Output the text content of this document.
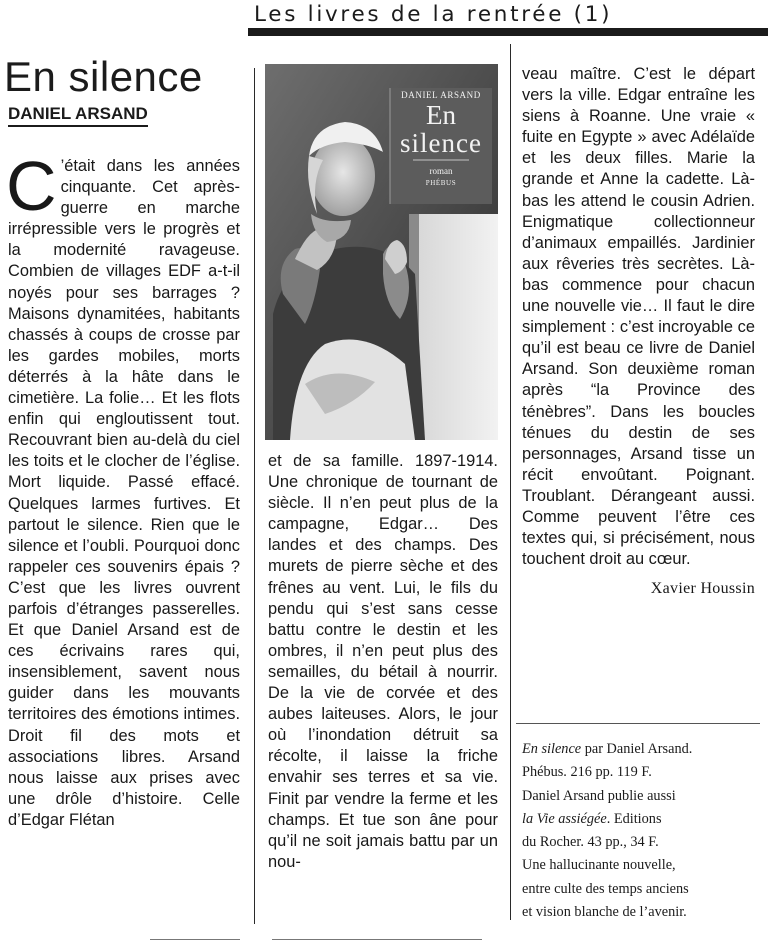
Les livres de la rentrée (1)
En silence
DANIEL ARSAND

C ’était dans les années cinquante. Cet après-guerre en marche irrépressible vers le progrès et la modernité ravageuse. Combien de villages EDF a-t-il noyés pour ses barrages ? Maisons dynamitées, habitants chassés à coups de crosse par les gardes mobiles, morts déterrés à la hâte dans le cimetière. La folie… Et les flots enfin qui engloutissent tout. Recouvrant bien au-delà du ciel les toits et le clocher de l’église. Mort liquide. Passé effacé. Quelques larmes furtives. Et partout le silence. Rien que le silence et l’oubli. Pourquoi donc rappeler ces souvenirs épais ? C’est que les livres ouvrent parfois d’étranges passerelles. Et que Daniel Arsand est de ces écrivains rares qui, insensiblement, savent nous guider dans les mouvants territoires des émotions intimes. Droit fil des mots et associations libres. Arsand nous laisse aux prises avec une drôle d’histoire. Celle d’Edgar Flétan

DANIEL ARSAND
En
silence
roman
PHÉBUS

et de sa famille. 1897-1914. Une chronique de tournant de siècle. Il n’en peut plus de la campagne, Edgar… Des landes et des champs. Des murets de pierre sèche et des frênes au vent. Lui, le fils du pendu qui s’est sans cesse battu contre le destin et les ombres, il n’en peut plus des semailles, du bétail à nourrir. De la vie de corvée et des aubes laiteuses. Alors, le jour où l’inondation détruit sa récolte, il laisse la friche envahir ses terres et sa vie. Finit par vendre la ferme et les champs. Et tue son âne pour qu’il ne soit jamais battu par un nou-

veau maître. C’est le départ vers la ville. Edgar entraîne les siens à Roanne. Une vraie « fuite en Egypte » avec Adélaïde et les deux filles. Marie la grande et Anne la cadette. Là-bas les attend le cousin Adrien. Enigmatique collectionneur d’animaux empaillés. Jardinier aux rêveries très secrètes. Là-bas commence pour chacun une nouvelle vie… Il faut le dire simplement : c’est incroyable ce qu’il est beau ce livre de Daniel Arsand. Son deuxième roman après “la Province des ténèbres”. Dans les boucles ténues du destin de ses personnages, Arsand tisse un récit envoûtant. Poignant. Troublant. Dérangeant aussi. Comme peuvent l’être ces textes qui, si précisément, nous touchent droit au cœur.

Xavier Houssin
En silence par Daniel Arsand.
Phébus. 216 pp. 119 F.
Daniel Arsand publie aussi
la Vie assiégée. Editions
du Rocher. 43 pp., 34 F.
Une hallucinante nouvelle,
entre culte des temps anciens
et vision blanche de l’avenir.
